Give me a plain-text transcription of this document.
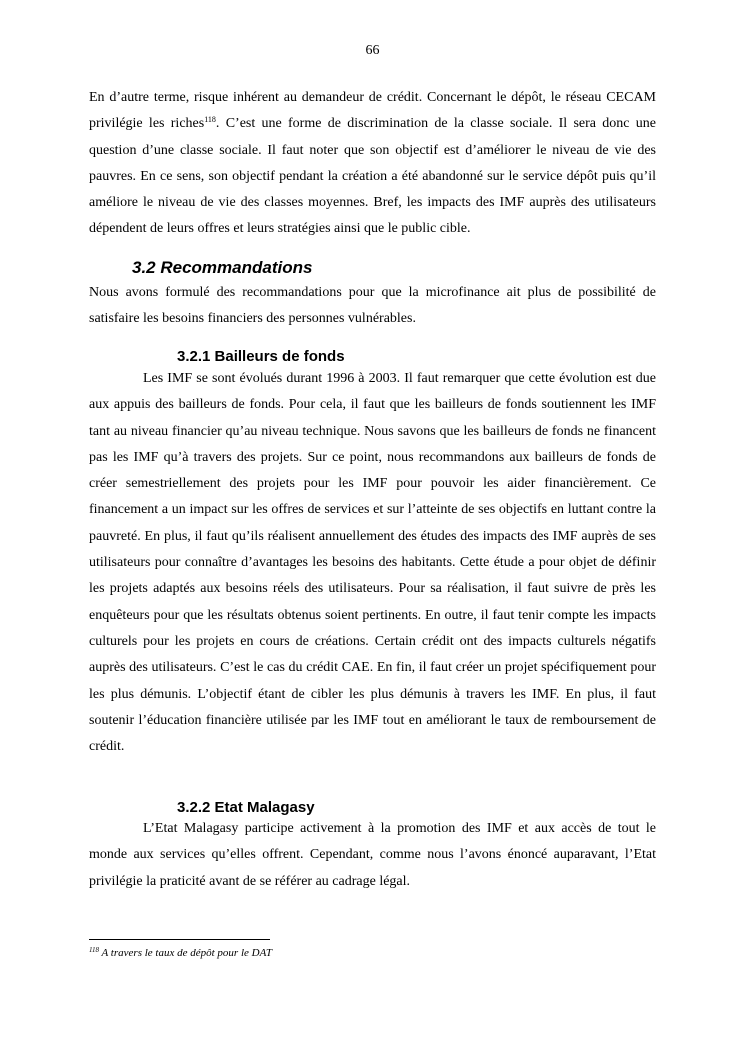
66

En d’autre terme, risque inhérent au demandeur de crédit. Concernant le dépôt, le réseau CECAM privilégie les riches$^{118}$. C’est une forme de discrimination de la classe sociale. Il sera donc une question d’une classe sociale. Il faut noter que son objectif est d’améliorer le niveau de vie des pauvres. En ce sens, son objectif pendant la création a été abandonné sur le service dépôt puis qu’il améliore le niveau de vie des classes moyennes. Bref, les impacts des IMF auprès des utilisateurs dépendent de leurs offres et leurs stratégies ainsi que le public cible.

3.2 Recommandations

Nous avons formulé des recommandations pour que la microfinance ait plus de possibilité de satisfaire les besoins financiers des personnes vulnérables.

3.2.1 Bailleurs de fonds

Les IMF se sont évolués durant 1996 à 2003. Il faut remarquer que cette évolution est due aux appuis des bailleurs de fonds. Pour cela, il faut que les bailleurs de fonds soutiennent les IMF tant au niveau financier qu’au niveau technique. Nous savons que les bailleurs de fonds ne financent pas les IMF qu’à travers des projets. Sur ce point, nous recommandons aux bailleurs de fonds de créer semestriellement des projets pour les IMF pour pouvoir les aider financièrement. Ce financement a un impact sur les offres de services et sur l’atteinte de ses objectifs en luttant contre la pauvreté. En plus, il faut qu’ils réalisent annuellement des études des impacts des IMF auprès de ses utilisateurs pour connaître d’avantages les besoins des habitants. Cette étude a pour objet de définir les projets adaptés aux besoins réels des utilisateurs. Pour sa réalisation, il faut suivre de près les enquêteurs pour que les résultats obtenus soient pertinents. En outre, il faut tenir compte les impacts culturels pour les projets en cours de créations. Certain crédit ont des impacts culturels négatifs auprès des utilisateurs. C’est le cas du crédit CAE. En fin, il faut créer un projet spécifiquement pour les plus démunis. L’objectif étant de cibler les plus démunis à travers les IMF. En plus, il faut soutenir l’éducation financière utilisée par les IMF tout en améliorant le taux de remboursement de crédit.

3.2.2 Etat Malagasy

L’Etat Malagasy participe activement à la promotion des IMF et aux accès de tout le monde aux services qu’elles offrent. Cependant, comme nous l’avons énoncé auparavant, l’Etat privilégie la praticité avant de se référer au cadrage légal.

$^{118}$ A travers le taux de dépôt pour le DAT
